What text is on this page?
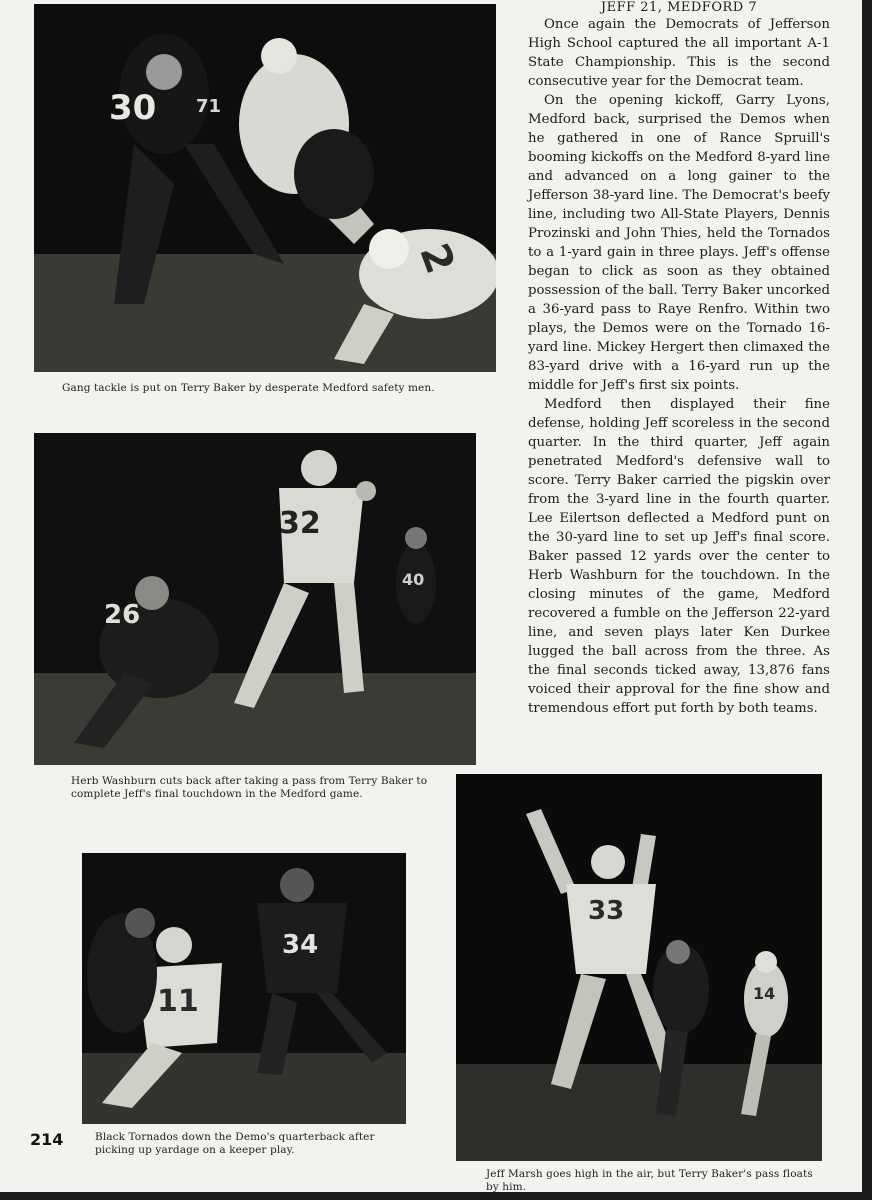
30 71
2
Gang tackle is put on Terry Baker by desperate Medford safety men.
32
26
40
Herb Washburn cuts back after taking a pass from Terry Baker to complete Jeff's final touchdown in the Medford game.
34
11
214	Black Tornados down the Demo's quarterback after picking up yardage on a keeper play.
33
14
Jeff Marsh goes high in the air, but Terry Baker's pass floats by him.

JEFF 21, MEDFORD 7

Once again the Democrats of Jefferson High School captured the all important A-1 State Championship. This is the second consecutive year for the Democrat team.

On the opening kickoff, Garry Lyons, Medford back, surprised the Demos when he gathered in one of Rance Spruill's booming kickoffs on the Medford 8-yard line and advanced on a long gainer to the Jefferson 38-yard line. The Democrat's beefy line, including two All-State Players, Dennis Prozinski and John Thies, held the Tornados to a 1-yard gain in three plays. Jeff's offense began to click as soon as they obtained possession of the ball. Terry Baker uncorked a 36-yard pass to Raye Renfro. Within two plays, the Demos were on the Tornado 16-yard line. Mickey Hergert then climaxed the 83-yard drive with a 16-yard run up the middle for Jeff's first six points.

Medford then displayed their fine defense, holding Jeff scoreless in the second quarter. In the third quarter, Jeff again penetrated Medford's defensive wall to score. Terry Baker carried the pigskin over from the 3-yard line in the fourth quarter. Lee Eilertson deflected a Medford punt on the 30-yard line to set up Jeff's final score. Baker passed 12 yards over the center to Herb Washburn for the touchdown. In the closing minutes of the game, Medford recovered a fumble on the Jefferson 22-yard line, and seven plays later Ken Durkee lugged the ball across from the three. As the final seconds ticked away, 13,876 fans voiced their approval for the fine show and tremendous effort put forth by both teams.
